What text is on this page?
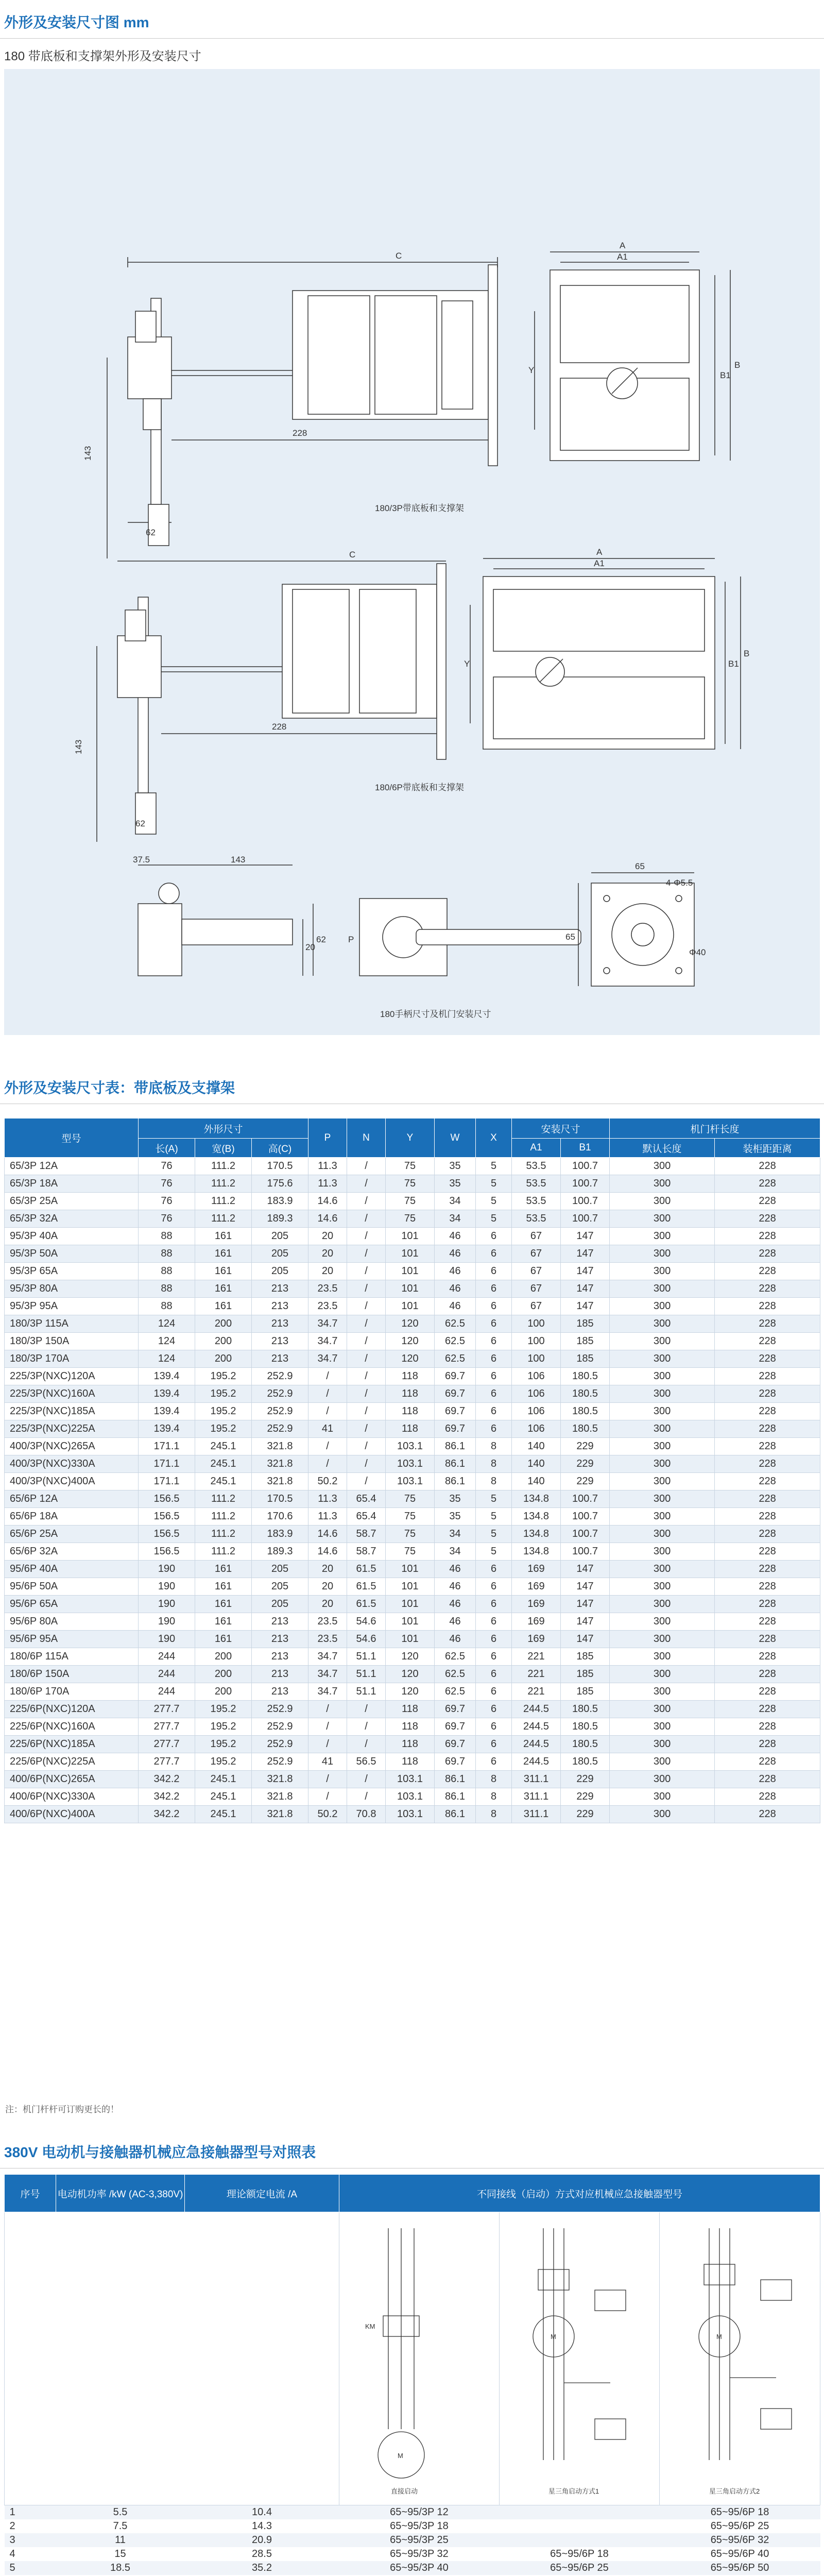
外形及安装尺寸图 mm
180 带底板和支撑架外形及安装尺寸
C
228
143
62
A
A1
Y
B1
B
180/3P带底板和支撑架
C
228
143
62
A
A1
Y	B1
B
180/6P带底板和支撑架
37.5	143
20
62	P
65
65
Φ40
4-Φ5.5
180手柄尺寸及机门安装尺寸
外形及安装尺寸表：带底板及支撑架
型号	外形尺寸			P	N	Y	W	X	安装尺寸		机门杆长度	
	长(A)	宽(B)	高(C)						A1	B1	默认长度	装柜距距离
65/3P 12A	76	111.2	170.5	11.3	/	75	35	5	53.5	100.7	300	228
65/3P 18A	76	111.2	175.6	11.3	/	75	35	5	53.5	100.7	300	228
65/3P 25A	76	111.2	183.9	14.6	/	75	34	5	53.5	100.7	300	228
65/3P 32A	76	111.2	189.3	14.6	/	75	34	5	53.5	100.7	300	228
95/3P 40A	88	161	205	20	/	101	46	6	67	147	300	228
95/3P 50A	88	161	205	20	/	101	46	6	67	147	300	228
95/3P 65A	88	161	205	20	/	101	46	6	67	147	300	228
95/3P 80A	88	161	213	23.5	/	101	46	6	67	147	300	228
95/3P 95A	88	161	213	23.5	/	101	46	6	67	147	300	228
180/3P 115A	124	200	213	34.7	/	120	62.5	6	100	185	300	228
180/3P 150A	124	200	213	34.7	/	120	62.5	6	100	185	300	228
180/3P 170A	124	200	213	34.7	/	120	62.5	6	100	185	300	228
225/3P(NXC)120A	139.4	195.2	252.9	/	/	118	69.7	6	106	180.5	300	228
225/3P(NXC)160A	139.4	195.2	252.9	/	/	118	69.7	6	106	180.5	300	228
225/3P(NXC)185A	139.4	195.2	252.9	/	/	118	69.7	6	106	180.5	300	228
225/3P(NXC)225A	139.4	195.2	252.9	41	/	118	69.7	6	106	180.5	300	228
400/3P(NXC)265A	171.1	245.1	321.8	/	/	103.1	86.1	8	140	229	300	228
400/3P(NXC)330A	171.1	245.1	321.8	/	/	103.1	86.1	8	140	229	300	228
400/3P(NXC)400A	171.1	245.1	321.8	50.2	/	103.1	86.1	8	140	229	300	228
65/6P 12A	156.5	111.2	170.5	11.3	65.4	75	35	5	134.8	100.7	300	228
65/6P 18A	156.5	111.2	170.6	11.3	65.4	75	35	5	134.8	100.7	300	228
65/6P 25A	156.5	111.2	183.9	14.6	58.7	75	34	5	134.8	100.7	300	228
65/6P 32A	156.5	111.2	189.3	14.6	58.7	75	34	5	134.8	100.7	300	228
95/6P 40A	190	161	205	20	61.5	101	46	6	169	147	300	228
95/6P 50A	190	161	205	20	61.5	101	46	6	169	147	300	228
95/6P 65A	190	161	205	20	61.5	101	46	6	169	147	300	228
95/6P 80A	190	161	213	23.5	54.6	101	46	6	169	147	300	228
95/6P 95A	190	161	213	23.5	54.6	101	46	6	169	147	300	228
180/6P 115A	244	200	213	34.7	51.1	120	62.5	6	221	185	300	228
180/6P 150A	244	200	213	34.7	51.1	120	62.5	6	221	185	300	228
180/6P 170A	244	200	213	34.7	51.1	120	62.5	6	221	185	300	228
225/6P(NXC)120A	277.7	195.2	252.9	/	/	118	69.7	6	244.5	180.5	300	228
225/6P(NXC)160A	277.7	195.2	252.9	/	/	118	69.7	6	244.5	180.5	300	228
225/6P(NXC)185A	277.7	195.2	252.9	/	/	118	69.7	6	244.5	180.5	300	228
225/6P(NXC)225A	277.7	195.2	252.9	41	56.5	118	69.7	6	244.5	180.5	300	228
400/6P(NXC)265A	342.2	245.1	321.8	/	/	103.1	86.1	8	311.1	229	300	228
400/6P(NXC)330A	342.2	245.1	321.8	/	/	103.1	86.1	8	311.1	229	300	228
400/6P(NXC)400A	342.2	245.1	321.8	50.2	70.8	103.1	86.1	8	311.1	229	300	228
注：机门杆杆可订购更长的！
380V 电动机与接触器机械应急接触器型号对照表
序号	电动机功率 /kW (AC-3,380V)	理论额定电流 /A	不同接线（启动）方式对应机械应急接触器型号		

M
KM
直接启动	M
星三角启动方式1	M
星三角启动方式2

1	5.5	10.4	65~95/3P 12		65~95/6P 18
2	7.5	14.3	65~95/3P 18		65~95/6P 25
3	11	20.9	65~95/3P 25		65~95/6P 32
4	15	28.5	65~95/3P 32	65~95/6P 18	65~95/6P 40
5	18.5	35.2	65~95/3P 40	65~95/6P 25	65~95/6P 50
